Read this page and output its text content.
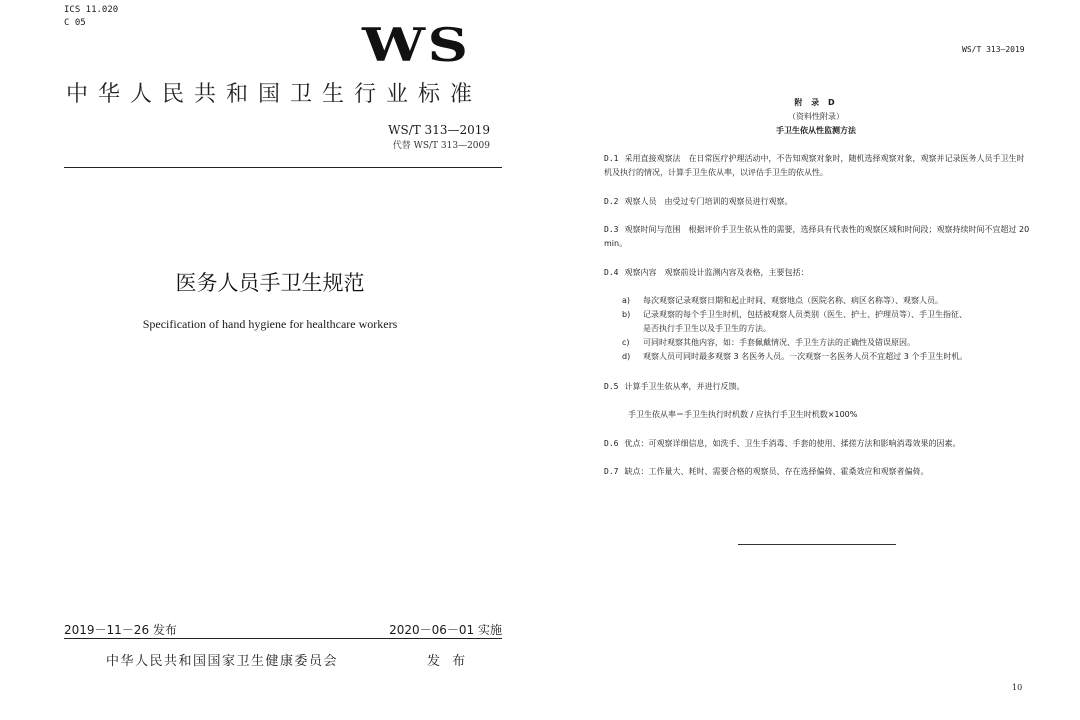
ICS 11.020
C 05	WS
中华人民共和国卫生行业标准
WS/T 313—2019
代替 WS/T 313—2009
医务人员手卫生规范
Specification of hand hygiene for healthcare workers
2019－11－26 发布	2020－06－01 实施
中华人民共和国国家卫生健康委员会	发 布
WS/T 313—2019
附 录 D
（资料性附录）
手卫生依从性监测方法
D.1 采用直接观察法 在日常医疗护理活动中，不告知观察对象时，随机选择观察对象，观察并记录医务人员手卫生时机及执行的情况，计算手卫生依从率，以评估手卫生的依从性。
D.2 观察人员 由受过专门培训的观察员进行观察。
D.3 观察时间与范围 根据评价手卫生依从性的需要，选择具有代表性的观察区域和时间段；观察持续时间不宜超过 20 min。
D.4 观察内容 观察前设计监测内容及表格，主要包括：
a) 每次观察记录观察日期和起止时间、观察地点（医院名称、病区名称等）、观察人员。
b) 记录观察的每个手卫生时机，包括被观察人员类别（医生、护士、护理员等）、手卫生指征、
是否执行手卫生以及手卫生的方法。
c) 可同时观察其他内容，如：手套佩戴情况、手卫生方法的正确性及错误原因。
d) 观察人员可同时最多观察 3 名医务人员。一次观察一名医务人员不宜超过 3 个手卫生时机。
D.5 计算手卫生依从率，并进行反馈。
手卫生依从率＝手卫生执行时机数 / 应执行手卫生时机数×100%
D.6 优点：可观察详细信息，如洗手、卫生手消毒、手套的使用、揉搓方法和影响消毒效果的因素。
D.7 缺点：工作量大、耗时、需要合格的观察员、存在选择偏倚、霍桑效应和观察者偏倚。
10
